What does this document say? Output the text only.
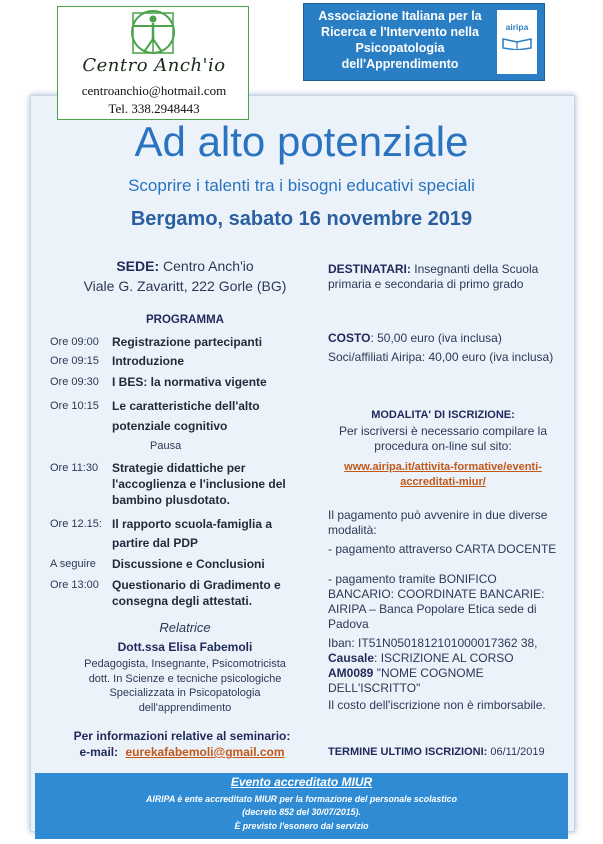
Centro Anch'io
centroanchio@hotmail.com
Tel. 338.2948443
Associazione Italiana per la Ricerca e l'Intervento nella Psicopatologia dell'Apprendimento
airipa
Ad alto potenziale
Scoprire i talenti tra i bisogni educativi speciali
Bergamo, sabato 16 novembre 2019
SEDE: Centro Anch'io
Viale G. Zavaritt, 222 Gorle (BG)
PROGRAMMA
Ore 09:00 Registrazione partecipanti
Ore 09:15 Introduzione
Ore 09:30 I BES: la normativa vigente
Ore 10:15 Le caratteristiche dell'alto potenziale cognitivo
Pausa
Ore 11:30 Strategie didattiche per l'accoglienza e l'inclusione del bambino plusdotato.
Ore 12.15: Il rapporto scuola-famiglia a partire dal PDP
A seguire Discussione e Conclusioni
Ore 13:00 Questionario di Gradimento e consegna degli attestati.
Relatrice
Dott.ssa Elisa Fabemoli
Pedagogista, Insegnante, Psicomotricista
dott. In Scienze e tecniche psicologiche
Specializzata in Psicopatologia
dell'apprendimento
Per informazioni relative al seminario:
e-mail: eurekafabemoli@gmail.com
DESTINATARI: Insegnanti della Scuola primaria e secondaria di primo grado
COSTO: 50,00 euro (iva inclusa)
Soci/affiliati Airipa: 40,00 euro (iva inclusa)
MODALITA' DI ISCRIZIONE:
Per iscriversi è necessario compilare la procedura on-line sul sito:
www.airipa.it/attivita-formative/eventi-accreditati-miur/
Il pagamento può avvenire in due diverse modalità:
- pagamento attraverso CARTA DOCENTE
- pagamento tramite BONIFICO BANCARIO: COORDINATE BANCARIE: AIRIPA – Banca Popolare Etica sede di Padova
Iban: IT51N0501812101000017362 38,
Causale: ISCRIZIONE AL CORSO
AM0089 "NOME COGNOME DELL'ISCRITTO"
Il costo dell'iscrizione non è rimborsabile.
TERMINE ULTIMO ISCRIZIONI: 06/11/2019
Evento accreditato MIUR
AIRIPA è ente accreditato MIUR per la formazione del personale scolastico
(decreto 852 del 30/07/2015).
È previsto l'esonero dal servizio
